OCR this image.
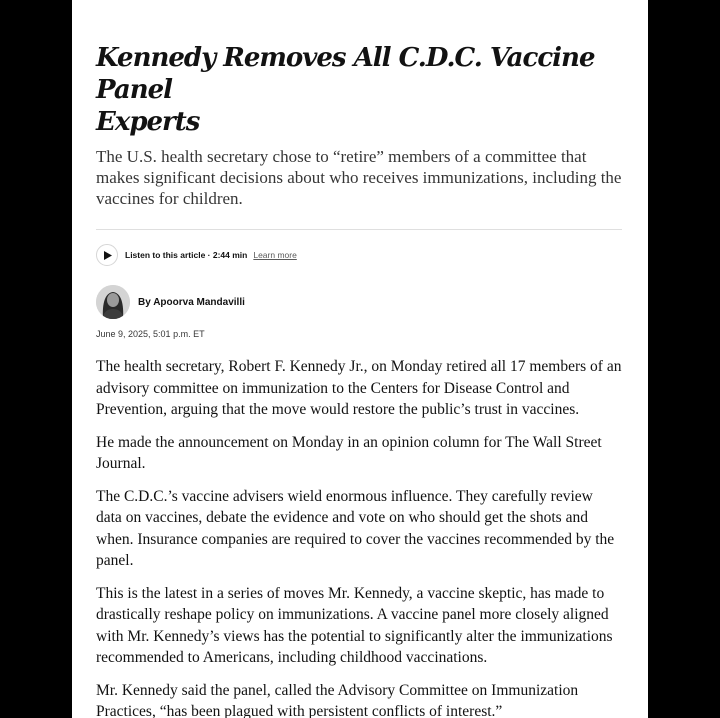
Kennedy Removes All C.D.C. Vaccine Panel
Experts

The U.S. health secretary chose to “retire” members of a committee that makes significant decisions about who receives immunizations, including the vaccines for children.

Listen to this article · 2:44 min Learn more
By Apoorva Mandavilli
June 9, 2025, 5:01 p.m. ET

The health secretary, Robert F. Kennedy Jr., on Monday retired all 17 members of an advisory committee on immunization to the Centers for Disease Control and Prevention, arguing that the move would restore the public’s trust in vaccines.

He made the announcement on Monday in an opinion column for The Wall Street Journal.

The C.D.C.’s vaccine advisers wield enormous influence. They carefully review data on vaccines, debate the evidence and vote on who should get the shots and when. Insurance companies are required to cover the vaccines recommended by the panel.

This is the latest in a series of moves Mr. Kennedy, a vaccine skeptic, has made to drastically reshape policy on immunizations. A vaccine panel more closely aligned with Mr. Kennedy’s views has the potential to significantly alter the immunizations recommended to Americans, including childhood vaccinations.

Mr. Kennedy said the panel, called the Advisory Committee on Immunization Practices, “has been plagued with persistent conflicts of interest.”
